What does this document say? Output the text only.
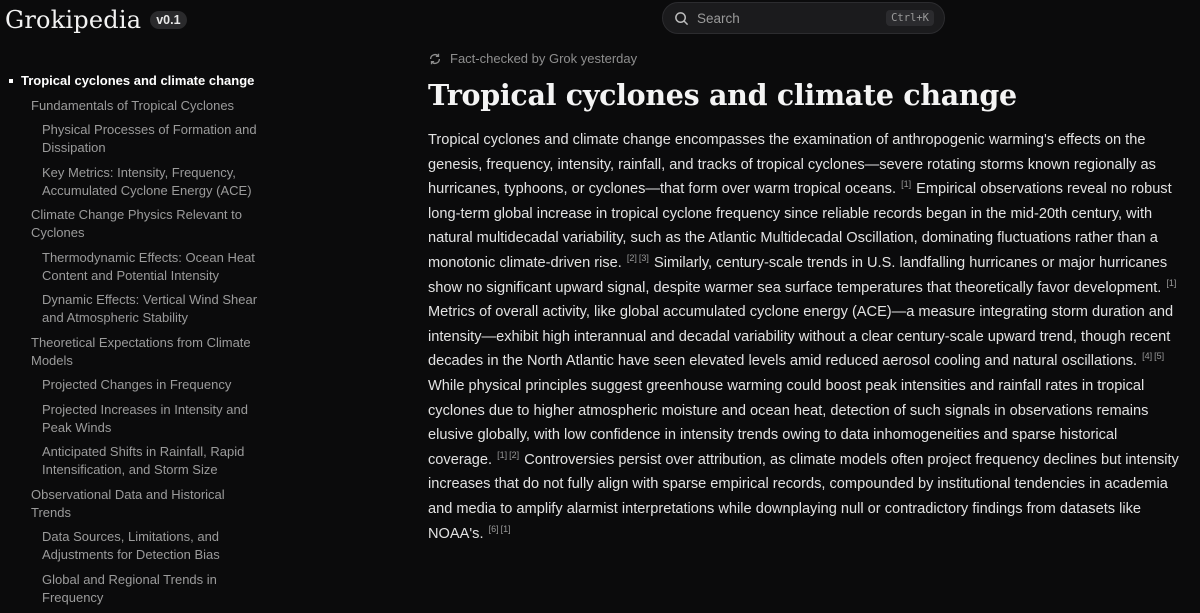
Grokipedia	v0.1	Search	Ctrl+K
Tropical cyclones and climate change
Fundamentals of Tropical Cyclones
Physical Processes of Formation and Dissipation
Key Metrics: Intensity, Frequency, Accumulated Cyclone Energy (ACE)
Climate Change Physics Relevant to Cyclones
Thermodynamic Effects: Ocean Heat Content and Potential Intensity
Dynamic Effects: Vertical Wind Shear and Atmospheric Stability
Theoretical Expectations from Climate Models
Projected Changes in Frequency
Projected Increases in Intensity and Peak Winds
Anticipated Shifts in Rainfall, Rapid Intensification, and Storm Size
Observational Data and Historical Trends
Data Sources, Limitations, and Adjustments for Detection Bias
Global and Regional Trends in Frequency
Fact-checked by Grok yesterday
Tropical cyclones and climate change

Tropical cyclones and climate change encompasses the examination of anthropogenic warming's effects on the genesis, frequency, intensity, rainfall, and tracks of tropical cyclones—severe rotating storms known regionally as hurricanes, typhoons, or cyclones—that form over warm tropical oceans. [1] Empirical observations reveal no robust long-term global increase in tropical cyclone frequency since reliable records began in the mid-20th century, with natural multidecadal variability, such as the Atlantic Multidecadal Oscillation, dominating fluctuations rather than a monotonic climate-driven rise. [2] [3] Similarly, century-scale trends in U.S. landfalling hurricanes or major hurricanes show no significant upward signal, despite warmer sea surface temperatures that theoretically favor development. [1] Metrics of overall activity, like global accumulated cyclone energy (ACE)—a measure integrating storm duration and intensity—exhibit high interannual and decadal variability without a clear century-scale upward trend, though recent decades in the North Atlantic have seen elevated levels amid reduced aerosol cooling and natural oscillations. [4] [5] While physical principles suggest greenhouse warming could boost peak intensities and rainfall rates in tropical cyclones due to higher atmospheric moisture and ocean heat, detection of such signals in observations remains elusive globally, with low confidence in intensity trends owing to data inhomogeneities and sparse historical coverage. [1] [2] Controversies persist over attribution, as climate models often project frequency declines but intensity increases that do not fully align with sparse empirical records, compounded by institutional tendencies in academia and media to amplify alarmist interpretations while downplaying null or contradictory findings from datasets like NOAA's. [6] [1]
